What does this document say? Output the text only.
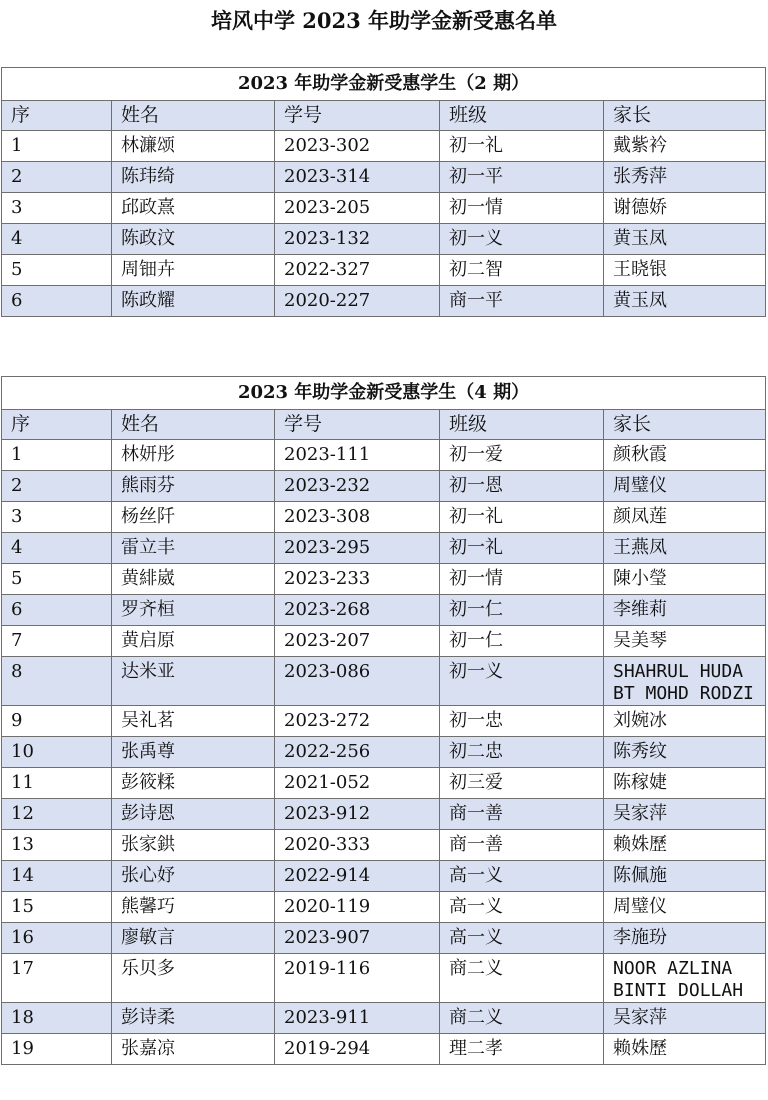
培风中学 2023 年助学金新受惠名单
2023 年助学金新受惠学生（2 期）				
序	姓名	学号	班级	家长
1	林濂颂	2023-302	初一礼	戴紫衿
2	陈玮绮	2023-314	初一平	张秀萍
3	邱政熹	2023-205	初一情	谢德娇
4	陈政汶	2023-132	初一义	黄玉凤
5	周钿卉	2022-327	初二智	王晓银
6	陈政耀	2020-227	商一平	黄玉凤
2023 年助学金新受惠学生（4 期）				
序	姓名	学号	班级	家长
1	林妍彤	2023-111	初一爱	颜秋霞
2	熊雨芬	2023-232	初一恩	周璧仪
3	杨丝阡	2023-308	初一礼	颜凤莲
4	雷立丰	2023-295	初一礼	王燕凤
5	黄緋崴	2023-233	初一情	陳小瑩
6	罗齐桓	2023-268	初一仁	李维莉
7	黄启原	2023-207	初一仁	吴美琴
8	达米亚	2023-086	初一义	SHAHRUL HUDA BT MOHD RODZI
9	吴礼茗	2023-272	初一忠	刘婉冰
10	张禹尊	2022-256	初二忠	陈秀纹
11	彭筱糅	2021-052	初三爱	陈稼婕
12	彭诗恩	2023-912	商一善	吴家萍
13	张家鉷	2020-333	商一善	赖姝歷
14	张心妤	2022-914	高一义	陈佩施
15	熊馨巧	2020-119	高一义	周璧仪
16	廖敏言	2023-907	高一义	李施玢
17	乐贝多	2019-116	商二义	NOOR AZLINA BINTI DOLLAH
18	彭诗柔	2023-911	商二义	吴家萍
19	张嘉凉	2019-294	理二孝	赖姝歷
